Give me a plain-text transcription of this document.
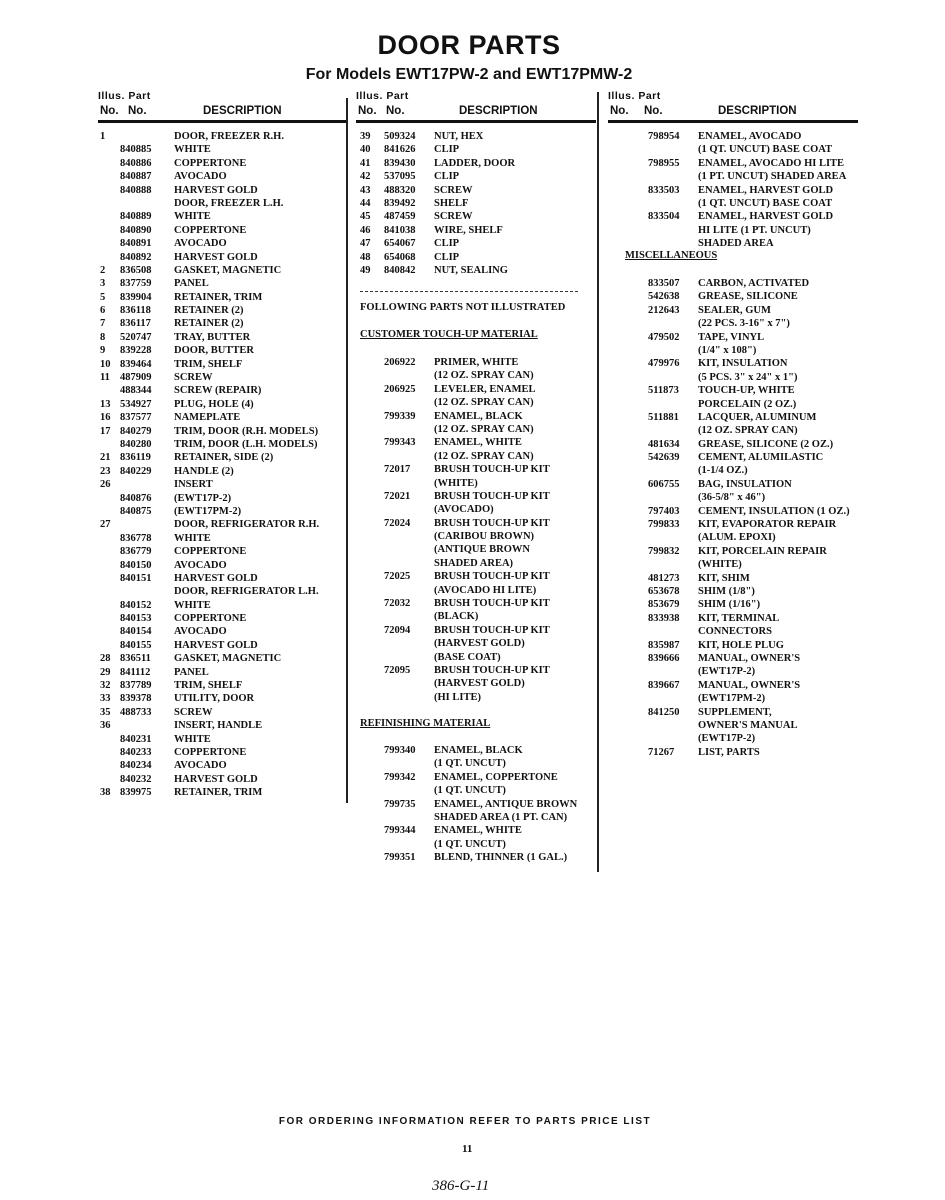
DOOR PARTS
For Models EWT17PW-2 and EWT17PMW-2
Illus. Part
No. No.	DESCRIPTION
Illus. Part
No. No.	DESCRIPTION
Illus. Part
No. No.	DESCRIPTION
1	DOOR, FREEZER R.H.
840885 WHITE
840886 COPPERTONE
840887 AVOCADO
840888 HARVEST GOLD
DOOR, FREEZER L.H.
840889 WHITE
840890 COPPERTONE
840891 AVOCADO
840892 HARVEST GOLD
2 836508 GASKET, MAGNETIC
3 837759 PANEL
5 839904 RETAINER, TRIM
6 836118 RETAINER (2)
7 836117 RETAINER (2)
8 520747 TRAY, BUTTER
9 839228 DOOR, BUTTER
10 839464 TRIM, SHELF
11 487909 SCREW
488344 SCREW (REPAIR)
13 534927 PLUG, HOLE (4)
16 837577 NAMEPLATE
17 840279 TRIM, DOOR (R.H. MODELS)
840280 TRIM, DOOR (L.H. MODELS)
21 836119 RETAINER, SIDE (2)
23 840229 HANDLE (2)
26	INSERT
840876 (EWT17P-2)
840875 (EWT17PM-2)
27	DOOR, REFRIGERATOR R.H.
836778 WHITE
836779 COPPERTONE
840150 AVOCADO
840151 HARVEST GOLD
DOOR, REFRIGERATOR L.H.
840152 WHITE
840153 COPPERTONE
840154 AVOCADO
840155 HARVEST GOLD
28 836511 GASKET, MAGNETIC
29 841112 PANEL
32 837789 TRIM, SHELF
33 839378 UTILITY, DOOR
35 488733 SCREW
36	INSERT, HANDLE
840231 WHITE
840233 COPPERTONE
840234 AVOCADO
840232 HARVEST GOLD
38 839975 RETAINER, TRIM
39 509324 NUT, HEX
40 841626 CLIP
41 839430 LADDER, DOOR
42 537095 CLIP
43 488320 SCREW
44 839492 SHELF
45 487459 SCREW
46 841038 WIRE, SHELF
47 654067 CLIP
48 654068 CLIP
49 840842 NUT, SEALING
FOLLOWING PARTS NOT ILLUSTRATED
CUSTOMER TOUCH-UP MATERIAL
206922 PRIMER, WHITE
(12 OZ. SPRAY CAN)
206925 LEVELER, ENAMEL
(12 OZ. SPRAY CAN)
799339 ENAMEL, BLACK
(12 OZ. SPRAY CAN)
799343 ENAMEL, WHITE
(12 OZ. SPRAY CAN)
72017 BRUSH TOUCH-UP KIT
(WHITE)
72021 BRUSH TOUCH-UP KIT
(AVOCADO)
72024 BRUSH TOUCH-UP KIT
(CARIBOU BROWN)
(ANTIQUE BROWN
SHADED AREA)
72025 BRUSH TOUCH-UP KIT
(AVOCADO HI LITE)
72032 BRUSH TOUCH-UP KIT
(BLACK)
72094 BRUSH TOUCH-UP KIT
(HARVEST GOLD)
(BASE COAT)
72095 BRUSH TOUCH-UP KIT
(HARVEST GOLD)
(HI LITE)
REFINISHING MATERIAL
799340 ENAMEL, BLACK
(1 QT. UNCUT)
799342 ENAMEL, COPPERTONE
(1 QT. UNCUT)
799735 ENAMEL, ANTIQUE BROWN
SHADED AREA (1 PT. CAN)
799344 ENAMEL, WHITE
(1 QT. UNCUT)
799351 BLEND, THINNER (1 GAL.)
798954 ENAMEL, AVOCADO
(1 QT. UNCUT) BASE COAT
798955 ENAMEL, AVOCADO HI LITE
(1 PT. UNCUT) SHADED AREA
833503 ENAMEL, HARVEST GOLD
(1 QT. UNCUT) BASE COAT
833504 ENAMEL, HARVEST GOLD
HI LITE (1 PT. UNCUT)
SHADED AREA
MISCELLANEOUS
833507 CARBON, ACTIVATED
542638 GREASE, SILICONE
212643 SEALER, GUM
(22 PCS. 3-16" x 7")
479502 TAPE, VINYL
(1/4" x 108")
479976 KIT, INSULATION
(5 PCS. 3" x 24" x 1")
511873 TOUCH-UP, WHITE
PORCELAIN (2 OZ.)
511881 LACQUER, ALUMINUM
(12 OZ. SPRAY CAN)
481634 GREASE, SILICONE (2 OZ.)
542639 CEMENT, ALUMILASTIC
(1-1/4 OZ.)
606755 BAG, INSULATION
(36-5/8" x 46")
797403 CEMENT, INSULATION (1 OZ.)
799833 KIT, EVAPORATOR REPAIR
(ALUM. EPOXI)
799832 KIT, PORCELAIN REPAIR
(WHITE)
481273 KIT, SHIM
653678 SHIM (1/8")
853679 SHIM (1/16")
833938 KIT, TERMINAL
CONNECTORS
835987 KIT, HOLE PLUG
839666 MANUAL, OWNER'S
(EWT17P-2)
839667 MANUAL, OWNER'S
(EWT17PM-2)
841250 SUPPLEMENT,
OWNER'S MANUAL
(EWT17P-2)
71267 LIST, PARTS
FOR ORDERING INFORMATION REFER TO PARTS PRICE LIST
11
386-G-11
